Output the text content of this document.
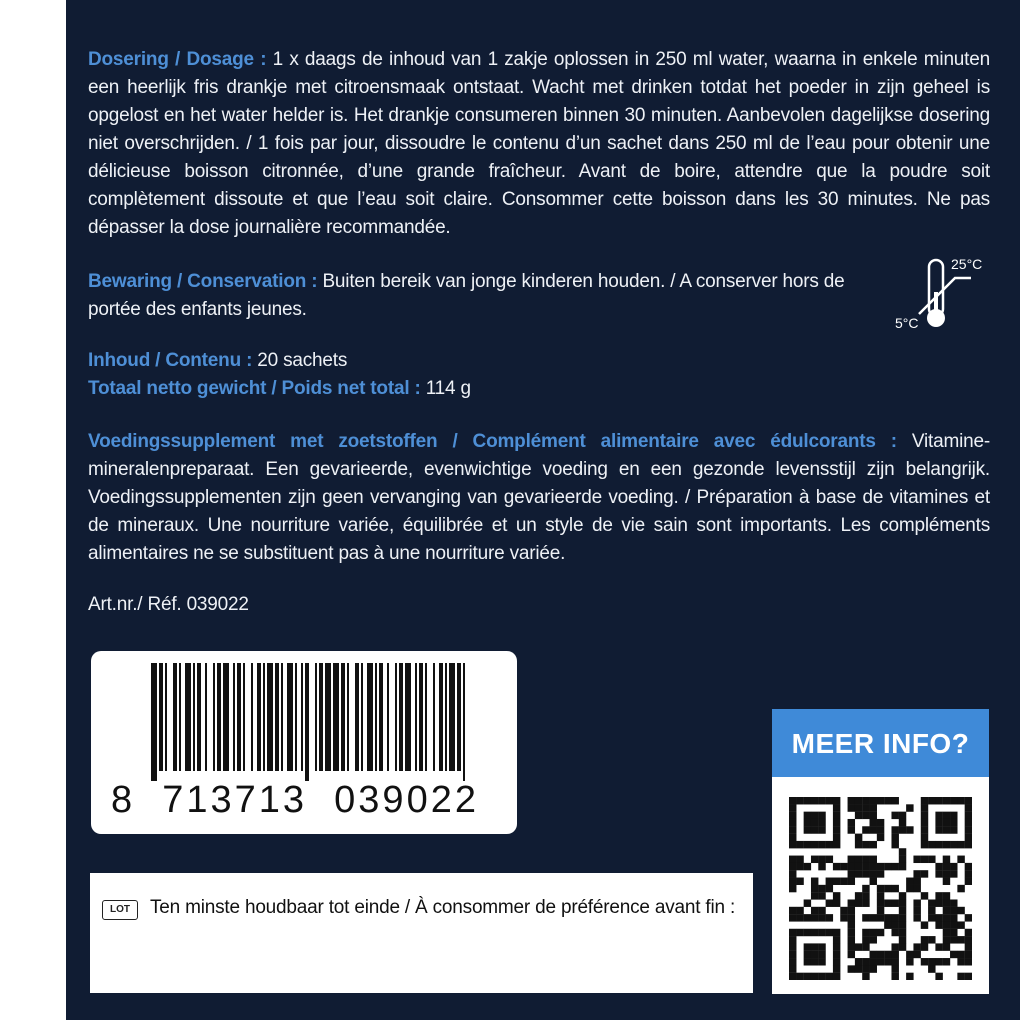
Dosering / Dosage : 1 x daags de inhoud van 1 zakje oplossen in 250 ml water, waarna in enkele minuten een heerlijk fris drankje met citroensmaak ontstaat. Wacht met drinken totdat het poeder in zijn geheel is opgelost en het water helder is. Het drankje consumeren binnen 30 minuten. Aanbevolen dagelijkse dosering niet overschrijden. / 1 fois par jour, dissoudre le contenu d’un sachet dans 250 ml de l’eau pour obtenir une délicieuse boisson citronnée, d’une grande fraîcheur. Avant de boire, attendre que la poudre soit complètement dissoute et que l’eau soit claire. Consommer cette boisson dans les 30 minutes. Ne pas dépasser la dose journalière recommandée.
Bewaring / Conservation : Buiten bereik van jonge kinderen houden. / A conserver hors de portée des enfants jeunes.
25°C
5°C
Inhoud / Contenu : 20 sachets
Totaal netto gewicht / Poids net total : 114 g
Voedingssupplement met zoetstoffen / Complément alimentaire avec édulcorants : Vitamine-mineralenpreparaat. Een gevarieerde, evenwichtige voeding en een gezonde levensstijl zijn belangrijk. Voedingssupplementen zijn geen vervanging van gevarieerde voeding. / Préparation à base de vitamines et de mineraux. Une nourriture variée, équilibrée et un style de vie sain sont importants. Les compléments alimentaires ne se substituent pas à une nourriture variée.
Art.nr./ Réf. 039022
8  713713  039022
LOT	Ten minste houdbaar tot einde / À consommer de préférence avant fin :
MEER INFO?
